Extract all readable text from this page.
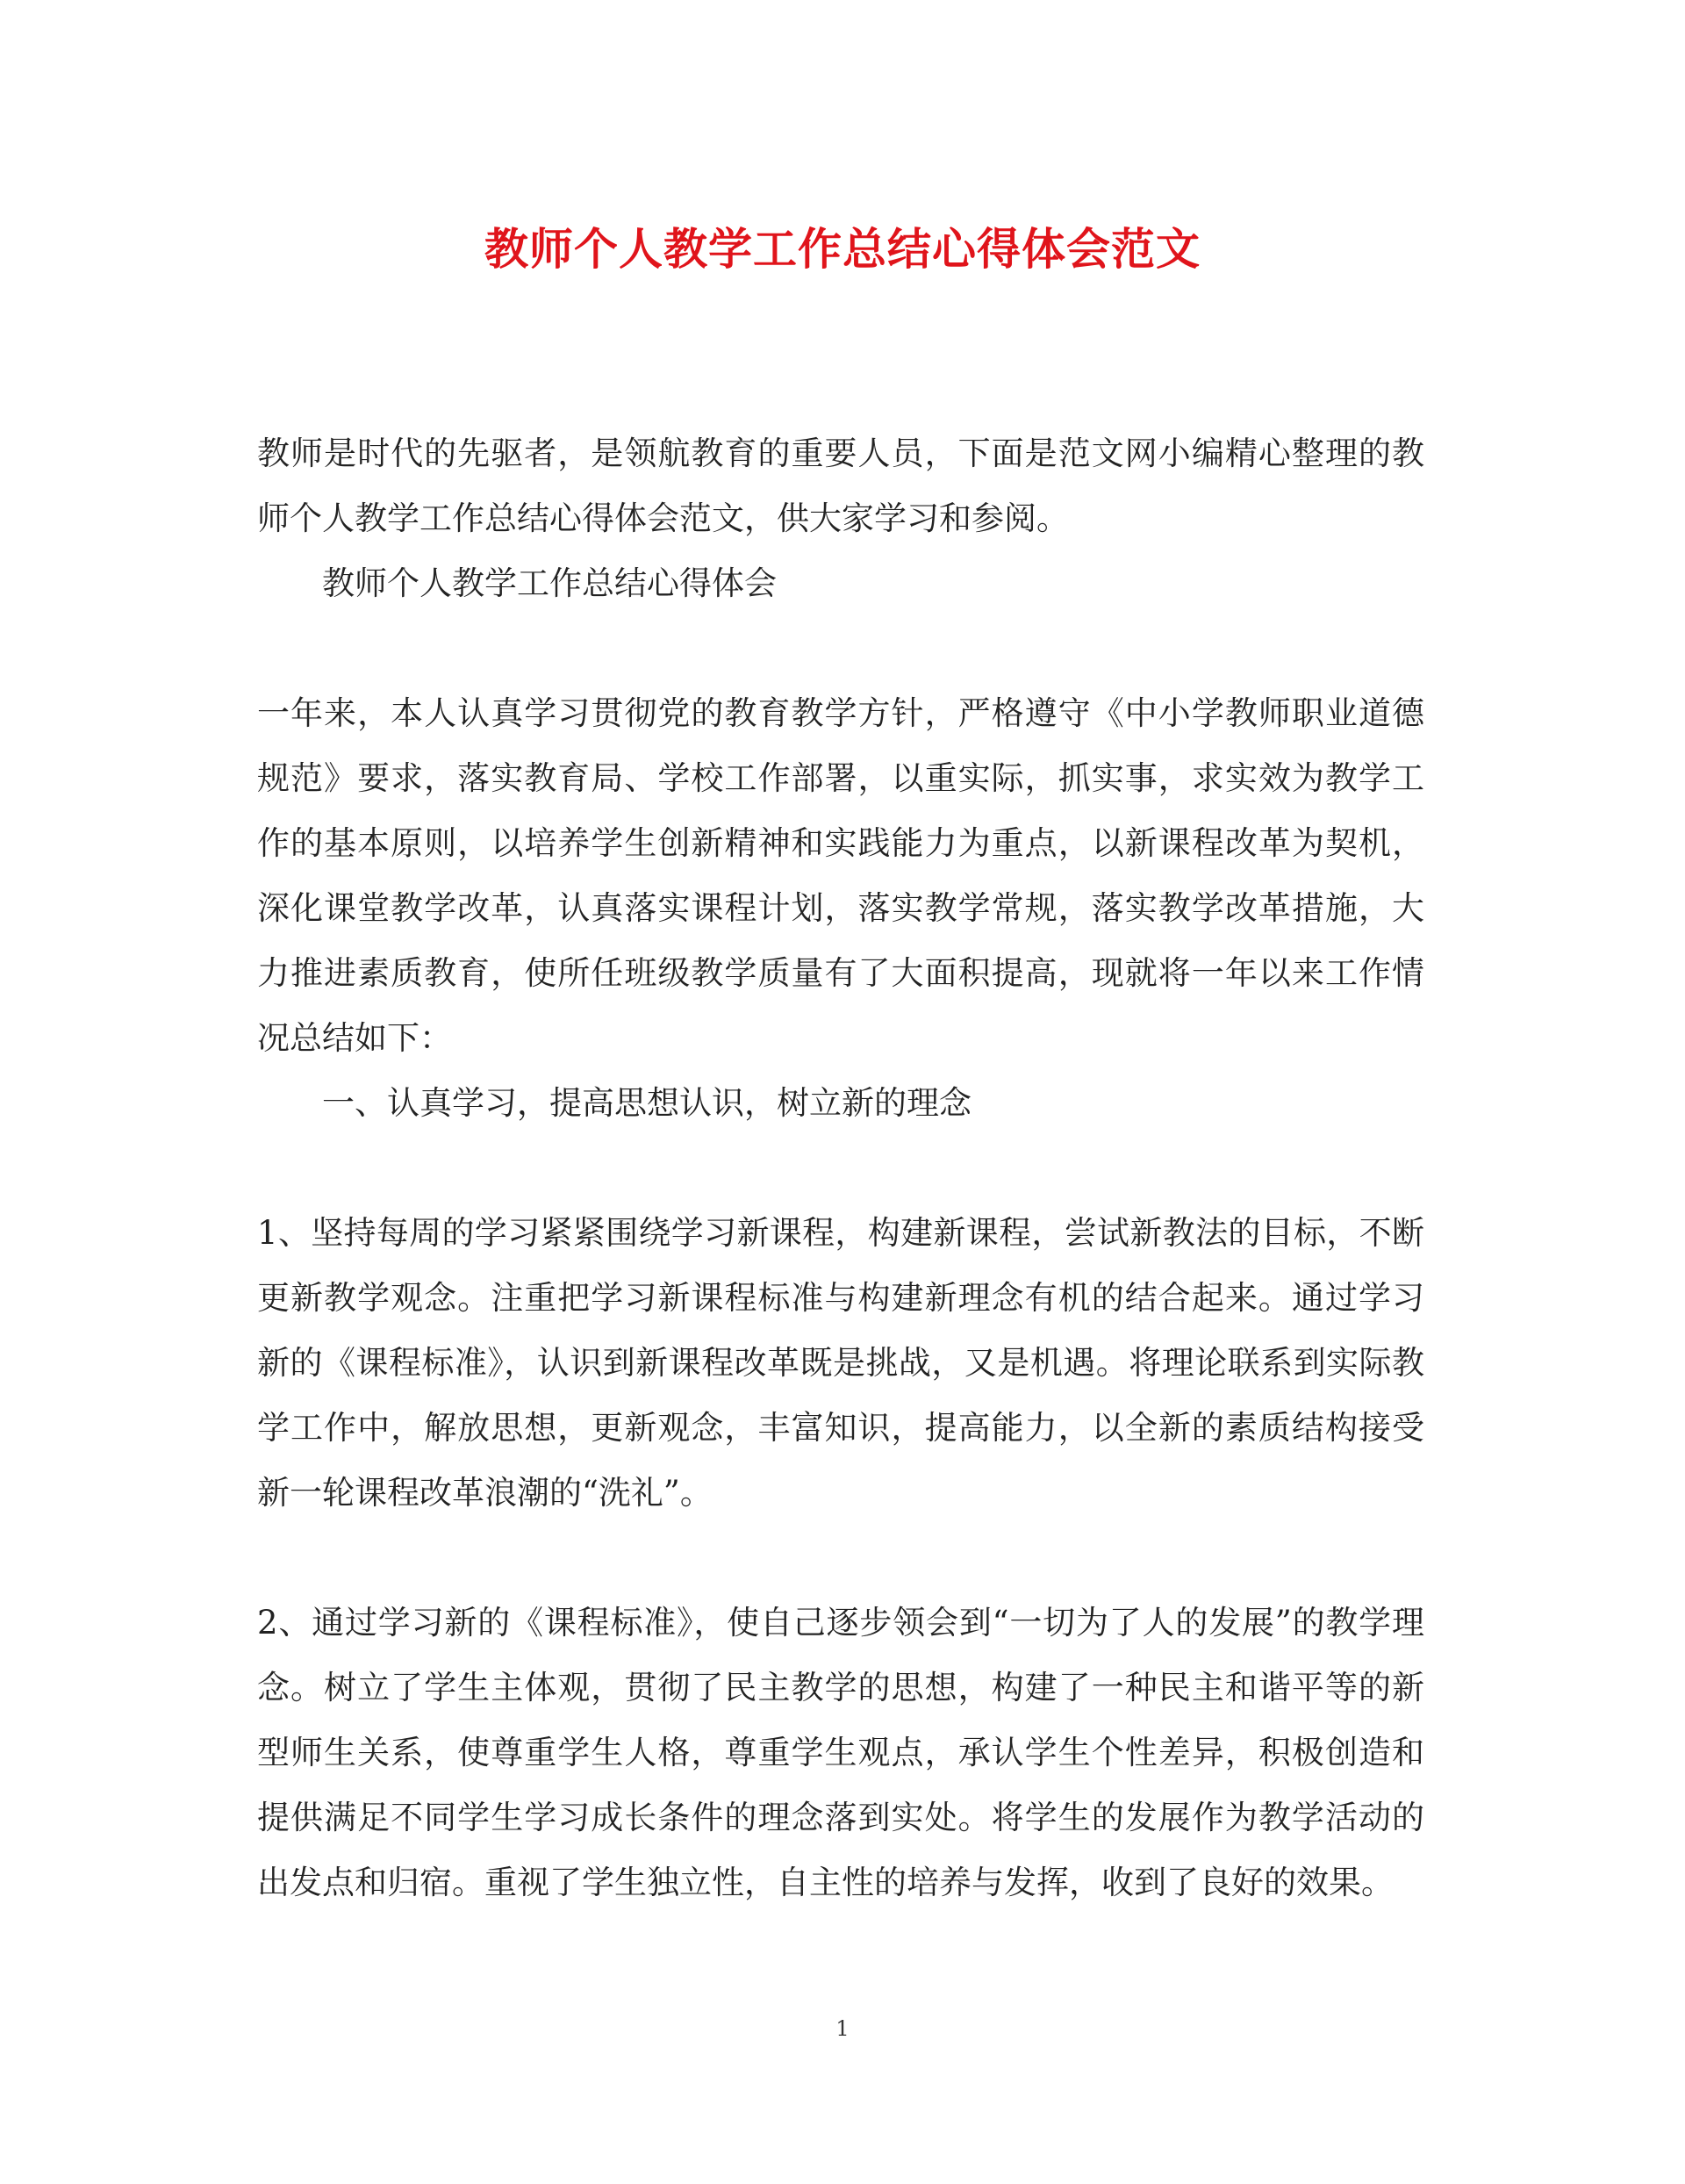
教师个人教学工作总结心得体会范文

教师是时代的先驱者，是领航教育的重要人员，下面是范文网小编精心整理的教师个人教学工作总结心得体会范文，供大家学习和参阅。

教师个人教学工作总结心得体会

一年来，本人认真学习贯彻党的教育教学方针，严格遵守《中小学教师职业道德规范》要求，落实教育局、学校工作部署，以重实际，抓实事，求实效为教学工作的基本原则，以培养学生创新精神和实践能力为重点，以新课程改革为契机，深化课堂教学改革，认真落实课程计划，落实教学常规，落实教学改革措施，大力推进素质教育，使所任班级教学质量有了大面积提高，现就将一年以来工作情况总结如下：

一、认真学习，提高思想认识，树立新的理念

1、坚持每周的学习紧紧围绕学习新课程，构建新课程，尝试新教法的目标，不断更新教学观念。注重把学习新课程标准与构建新理念有机的结合起来。通过学习新的《课程标准》，认识到新课程改革既是挑战，又是机遇。将理论联系到实际教学工作中，解放思想，更新观念，丰富知识，提高能力，以全新的素质结构接受新一轮课程改革浪潮的“洗礼”。

2、通过学习新的《课程标准》，使自己逐步领会到“一切为了人的发展”的教学理念。树立了学生主体观，贯彻了民主教学的思想，构建了一种民主和谐平等的新型师生关系，使尊重学生人格，尊重学生观点，承认学生个性差异，积极创造和提供满足不同学生学习成长条件的理念落到实处。将学生的发展作为教学活动的出发点和归宿。重视了学生独立性，自主性的培养与发挥，收到了良好的效果。

1
